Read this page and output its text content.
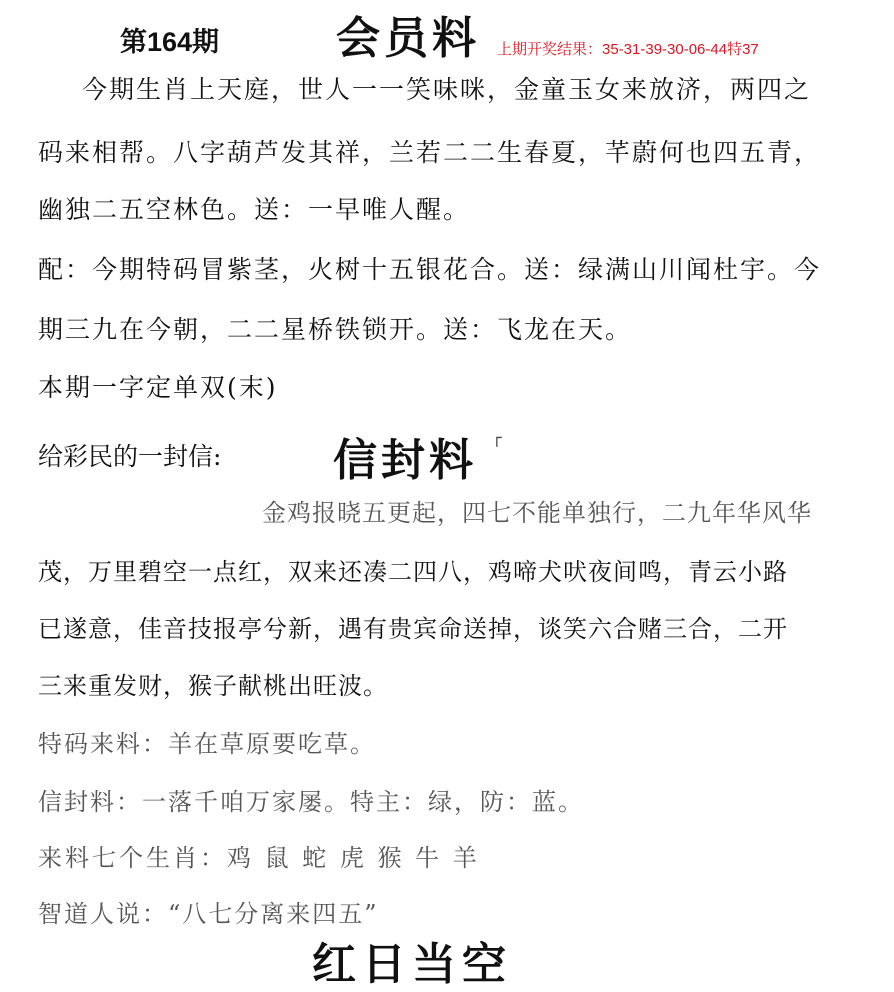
第164期	会员料 上期开奖结果：35-31-39-30-06-44特37
今期生肖上天庭，世人一一笑味咪，金童玉女来放济，两四之
码来相帮。八字葫芦发其祥，兰若二二生春夏，芊蔚何也四五青，
幽独二五空林色。送：一早唯人醒。
配：今期特码冒紫茎，火树十五银花合。送：绿满山川闻杜宇。今
期三九在今朝，二二星桥铁锁开。送：飞龙在天。
本期一字定单双(末)
给彩民的一封信:	信封料 ┌
金鸡报晓五更起，四七不能单独行，二九年华风华
茂，万里碧空一点红，双来还凑二四八，鸡啼犬吠夜间鸣，青云小路
已遂意，佳音技报亭兮新，遇有贵宾命送掉，谈笑六合赌三合，二开
三来重发财，猴子献桃出旺波。
特码来料：羊在草原要吃草。
信封料：一落千咱万家屡。特主：绿，防：蓝。
来料七个生肖：鸡 鼠 蛇 虎 猴 牛 羊
智道人说：“八七分离来四五”
红日当空
